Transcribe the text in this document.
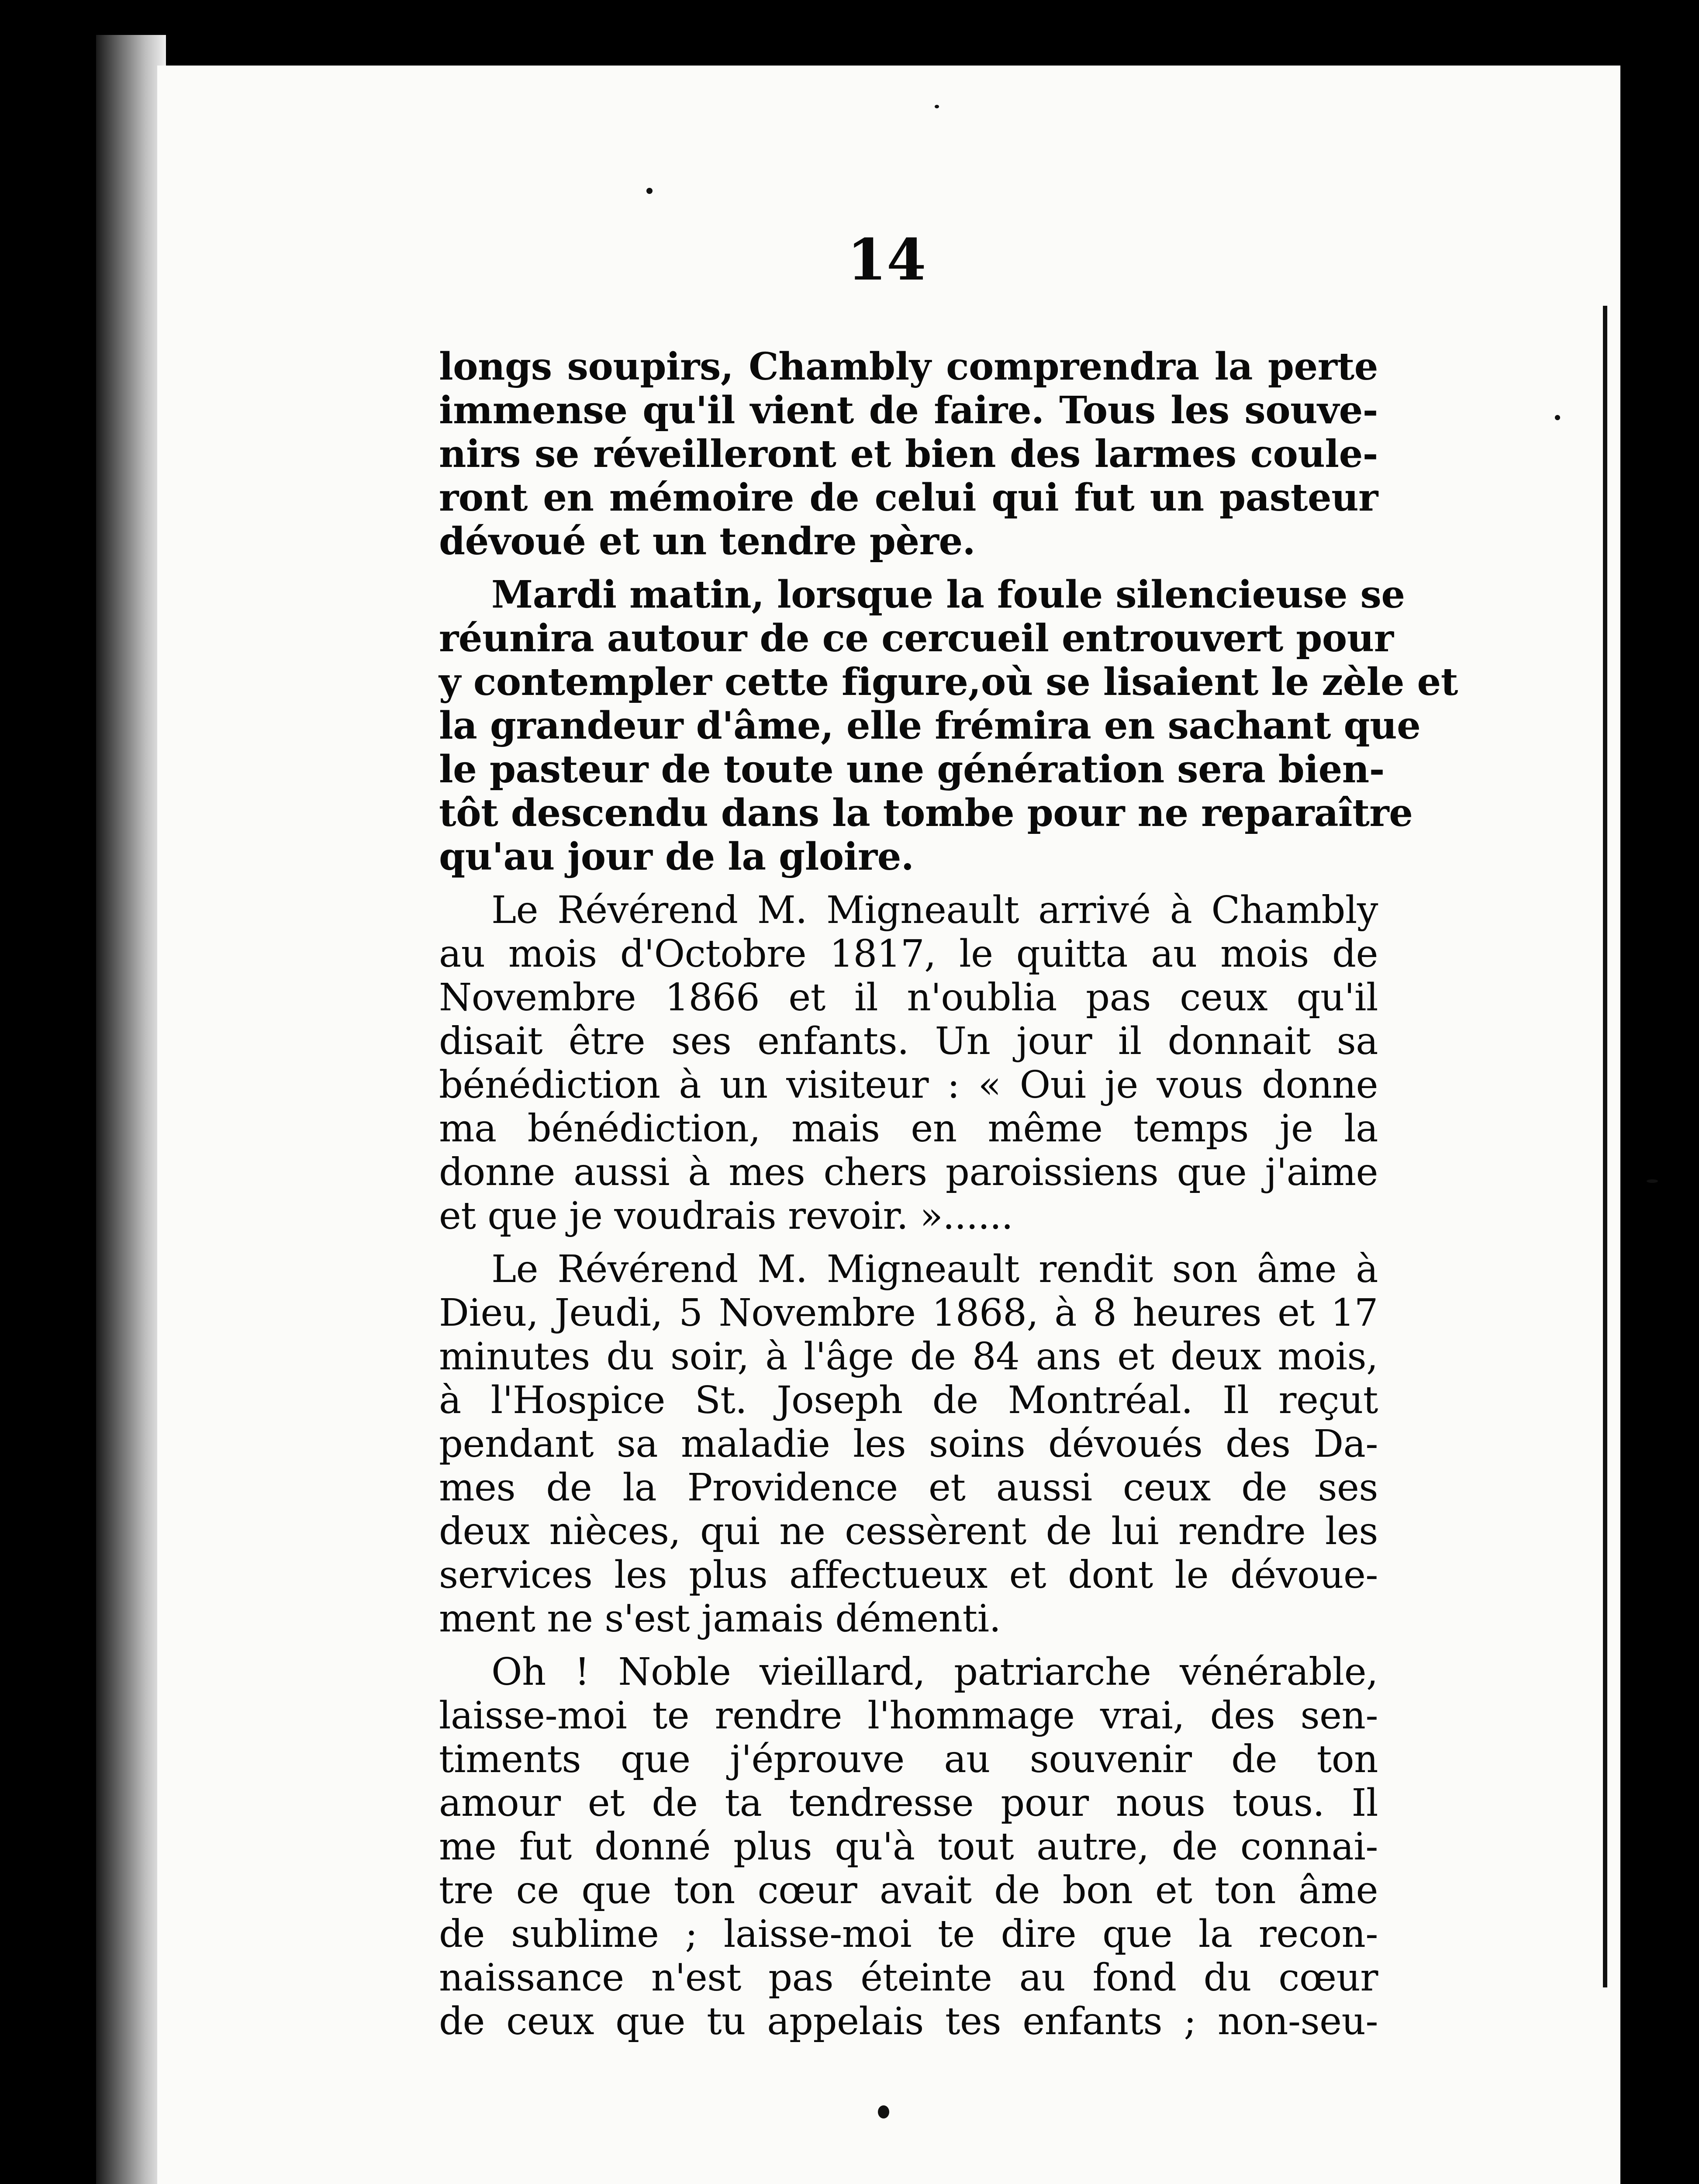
14
longs soupirs, Chambly comprendra la perte
immense qu'il vient de faire. Tous les souve-
nirs se réveilleront et bien des larmes coule-
ront en mémoire de celui qui fut un pasteur
dévoué et un tendre père.
Mardi matin, lorsque la foule silencieuse se
réunira autour de ce cercueil entrouvert pour
y contempler cette figure,où se lisaient le zèle et
la grandeur d'âme, elle frémira en sachant que
le pasteur de toute une génération sera bien-
tôt descendu dans la tombe pour ne reparaître
qu'au jour de la gloire.
Le Révérend M. Migneault arrivé à Chambly
au mois d'Octobre 1817, le quitta au mois de
Novembre 1866 et il n'oublia pas ceux qu'il
disait être ses enfants. Un jour il donnait sa
bénédiction à un visiteur : « Oui je vous donne
ma bénédiction, mais en même temps je la
donne aussi à mes chers paroissiens que j'aime
et que je voudrais revoir. »......
Le Révérend M. Migneault rendit son âme à
Dieu, Jeudi, 5 Novembre 1868, à 8 heures et 17
minutes du soir, à l'âge de 84 ans et deux mois,
à l'Hospice St. Joseph de Montréal. Il reçut
pendant sa maladie les soins dévoués des Da-
mes de la Providence et aussi ceux de ses
deux nièces, qui ne cessèrent de lui rendre les
services les plus affectueux et dont le dévoue-
ment ne s'est jamais démenti.
Oh ! Noble vieillard, patriarche vénérable,
laisse-moi te rendre l'hommage vrai, des sen-
timents que j'éprouve au souvenir de ton
amour et de ta tendresse pour nous tous. Il
me fut donné plus qu'à tout autre, de connai-
tre ce que ton cœur avait de bon et ton âme
de sublime ; laisse-moi te dire que la recon-
naissance n'est pas éteinte au fond du cœur
de ceux que tu appelais tes enfants ; non-seu-
